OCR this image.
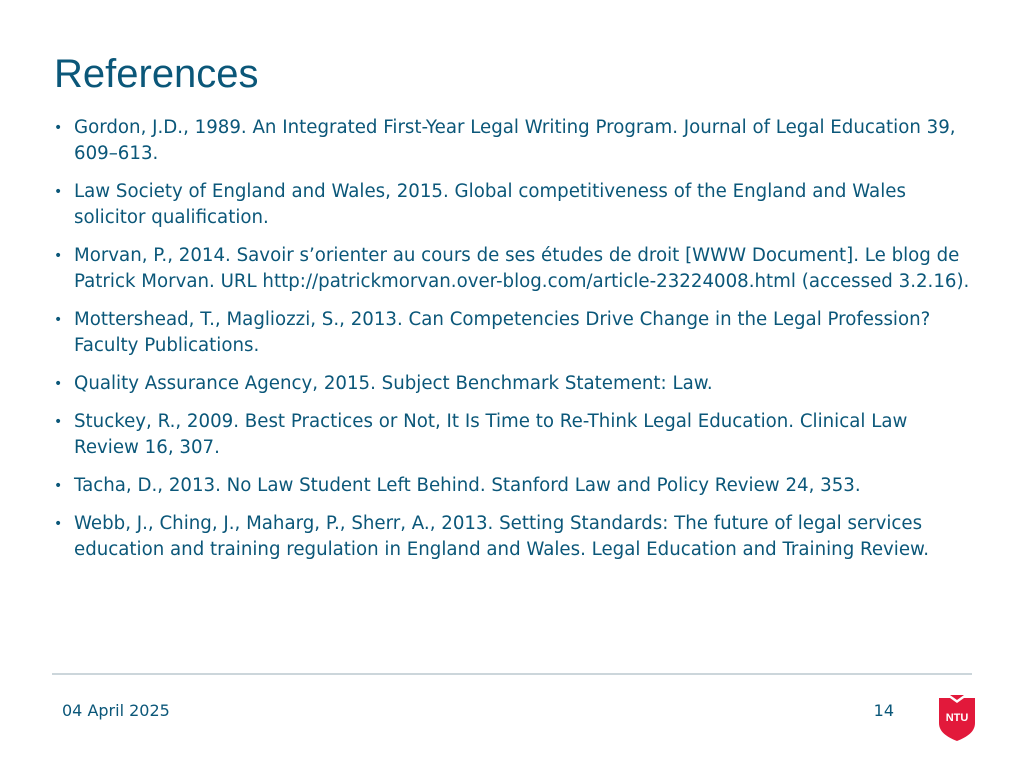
References
• Gordon, J.D., 1989. An Integrated First-Year Legal Writing Program. Journal of Legal Education 39, 609–613.
• Law Society of England and Wales, 2015. Global competitiveness of the England and Wales solicitor qualification.
• Morvan, P., 2014. Savoir s’orienter au cours de ses études de droit [WWW Document]. Le blog de Patrick Morvan. URL http://patrickmorvan.over-blog.com/article-23224008.html (accessed 3.2.16).
• Mottershead, T., Magliozzi, S., 2013. Can Competencies Drive Change in the Legal Profession? Faculty Publications.
• Quality Assurance Agency, 2015. Subject Benchmark Statement: Law.
• Stuckey, R., 2009. Best Practices or Not, It Is Time to Re-Think Legal Education. Clinical Law Review 16, 307.
• Tacha, D., 2013. No Law Student Left Behind. Stanford Law and Policy Review 24, 353.
• Webb, J., Ching, J., Maharg, P., Sherr, A., 2013. Setting Standards: The future of legal services education and training regulation in England and Wales. Legal Education and Training Review.
04 April 2025	14	NTU
